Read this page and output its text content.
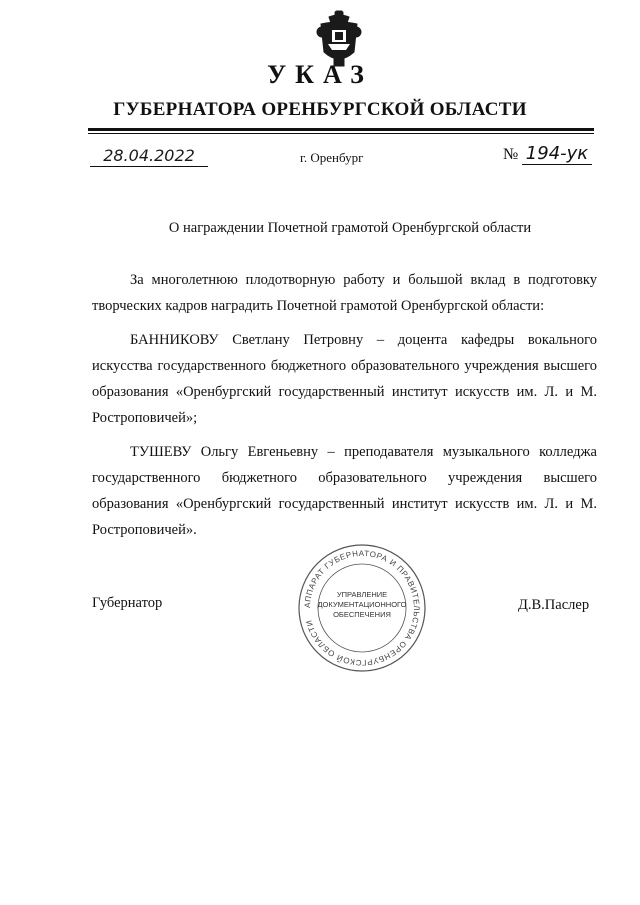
УКАЗ
ГУБЕРНАТОРА ОРЕНБУРГСКОЙ ОБЛАСТИ
28.04.2022	г. Оренбург	№ 194-ук
О награждении Почетной грамотой Оренбургской области

За многолетнюю плодотворную работу и большой вклад в подготовку творческих кадров наградить Почетной грамотой Оренбургской области:

БАННИКОВУ Светлану Петровну – доцента кафедры вокального искусства государственного бюджетного образовательного учреждения высшего образования «Оренбургский государственный институт искусств им. Л. и М. Ростроповичей»;

ТУШЕВУ Ольгу Евгеньевну – преподавателя музыкального колледжа государственного бюджетного образовательного учреждения высшего образования «Оренбургский государственный институт искусств им. Л. и М. Ростроповичей».

Губернатор	Д.В.Паслер
АППАРАТ ГУБЕРНАТОРА И ПРАВИТЕЛЬСТВА ОРЕНБУРГСКОЙ ОБЛАСТИ
УПРАВЛЕНИЕ
ДОКУМЕНТАЦИОННОГО
ОБЕСПЕЧЕНИЯ
